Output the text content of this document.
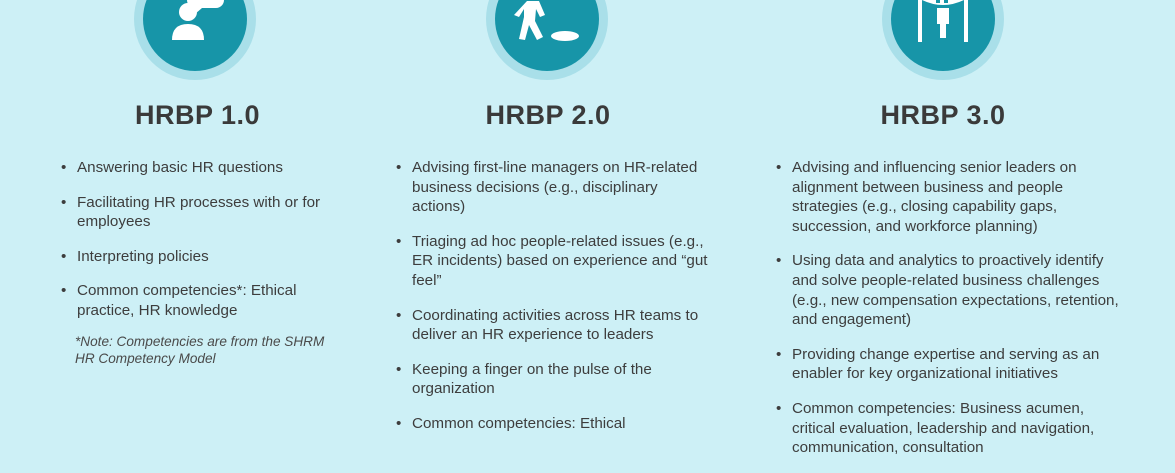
HRBP 1.0
• Answering basic HR questions
• Facilitating HR processes with or for employees
• Interpreting policies
• Common competencies*: Ethical practice, HR knowledge
*Note: Competencies are from the SHRM HR Competency Model
HRBP 2.0
• Advising first-line managers on HR-related business decisions (e.g., disciplinary actions)
• Triaging ad hoc people-related issues (e.g., ER incidents) based on experience and “gut feel”
• Coordinating activities across HR teams to deliver an HR experience to leaders
• Keeping a finger on the pulse of the organization
• Common competencies: Ethical
HRBP 3.0
• Advising and influencing senior leaders on alignment between business and people strategies (e.g., closing capability gaps, succession, and workforce planning)
• Using data and analytics to proactively identify and solve people-related business challenges (e.g., new compensation expectations, retention, and engagement)
• Providing change expertise and serving as an enabler for key organizational initiatives
• Common competencies: Business acumen, critical evaluation, leadership and navigation, communication, consultation
